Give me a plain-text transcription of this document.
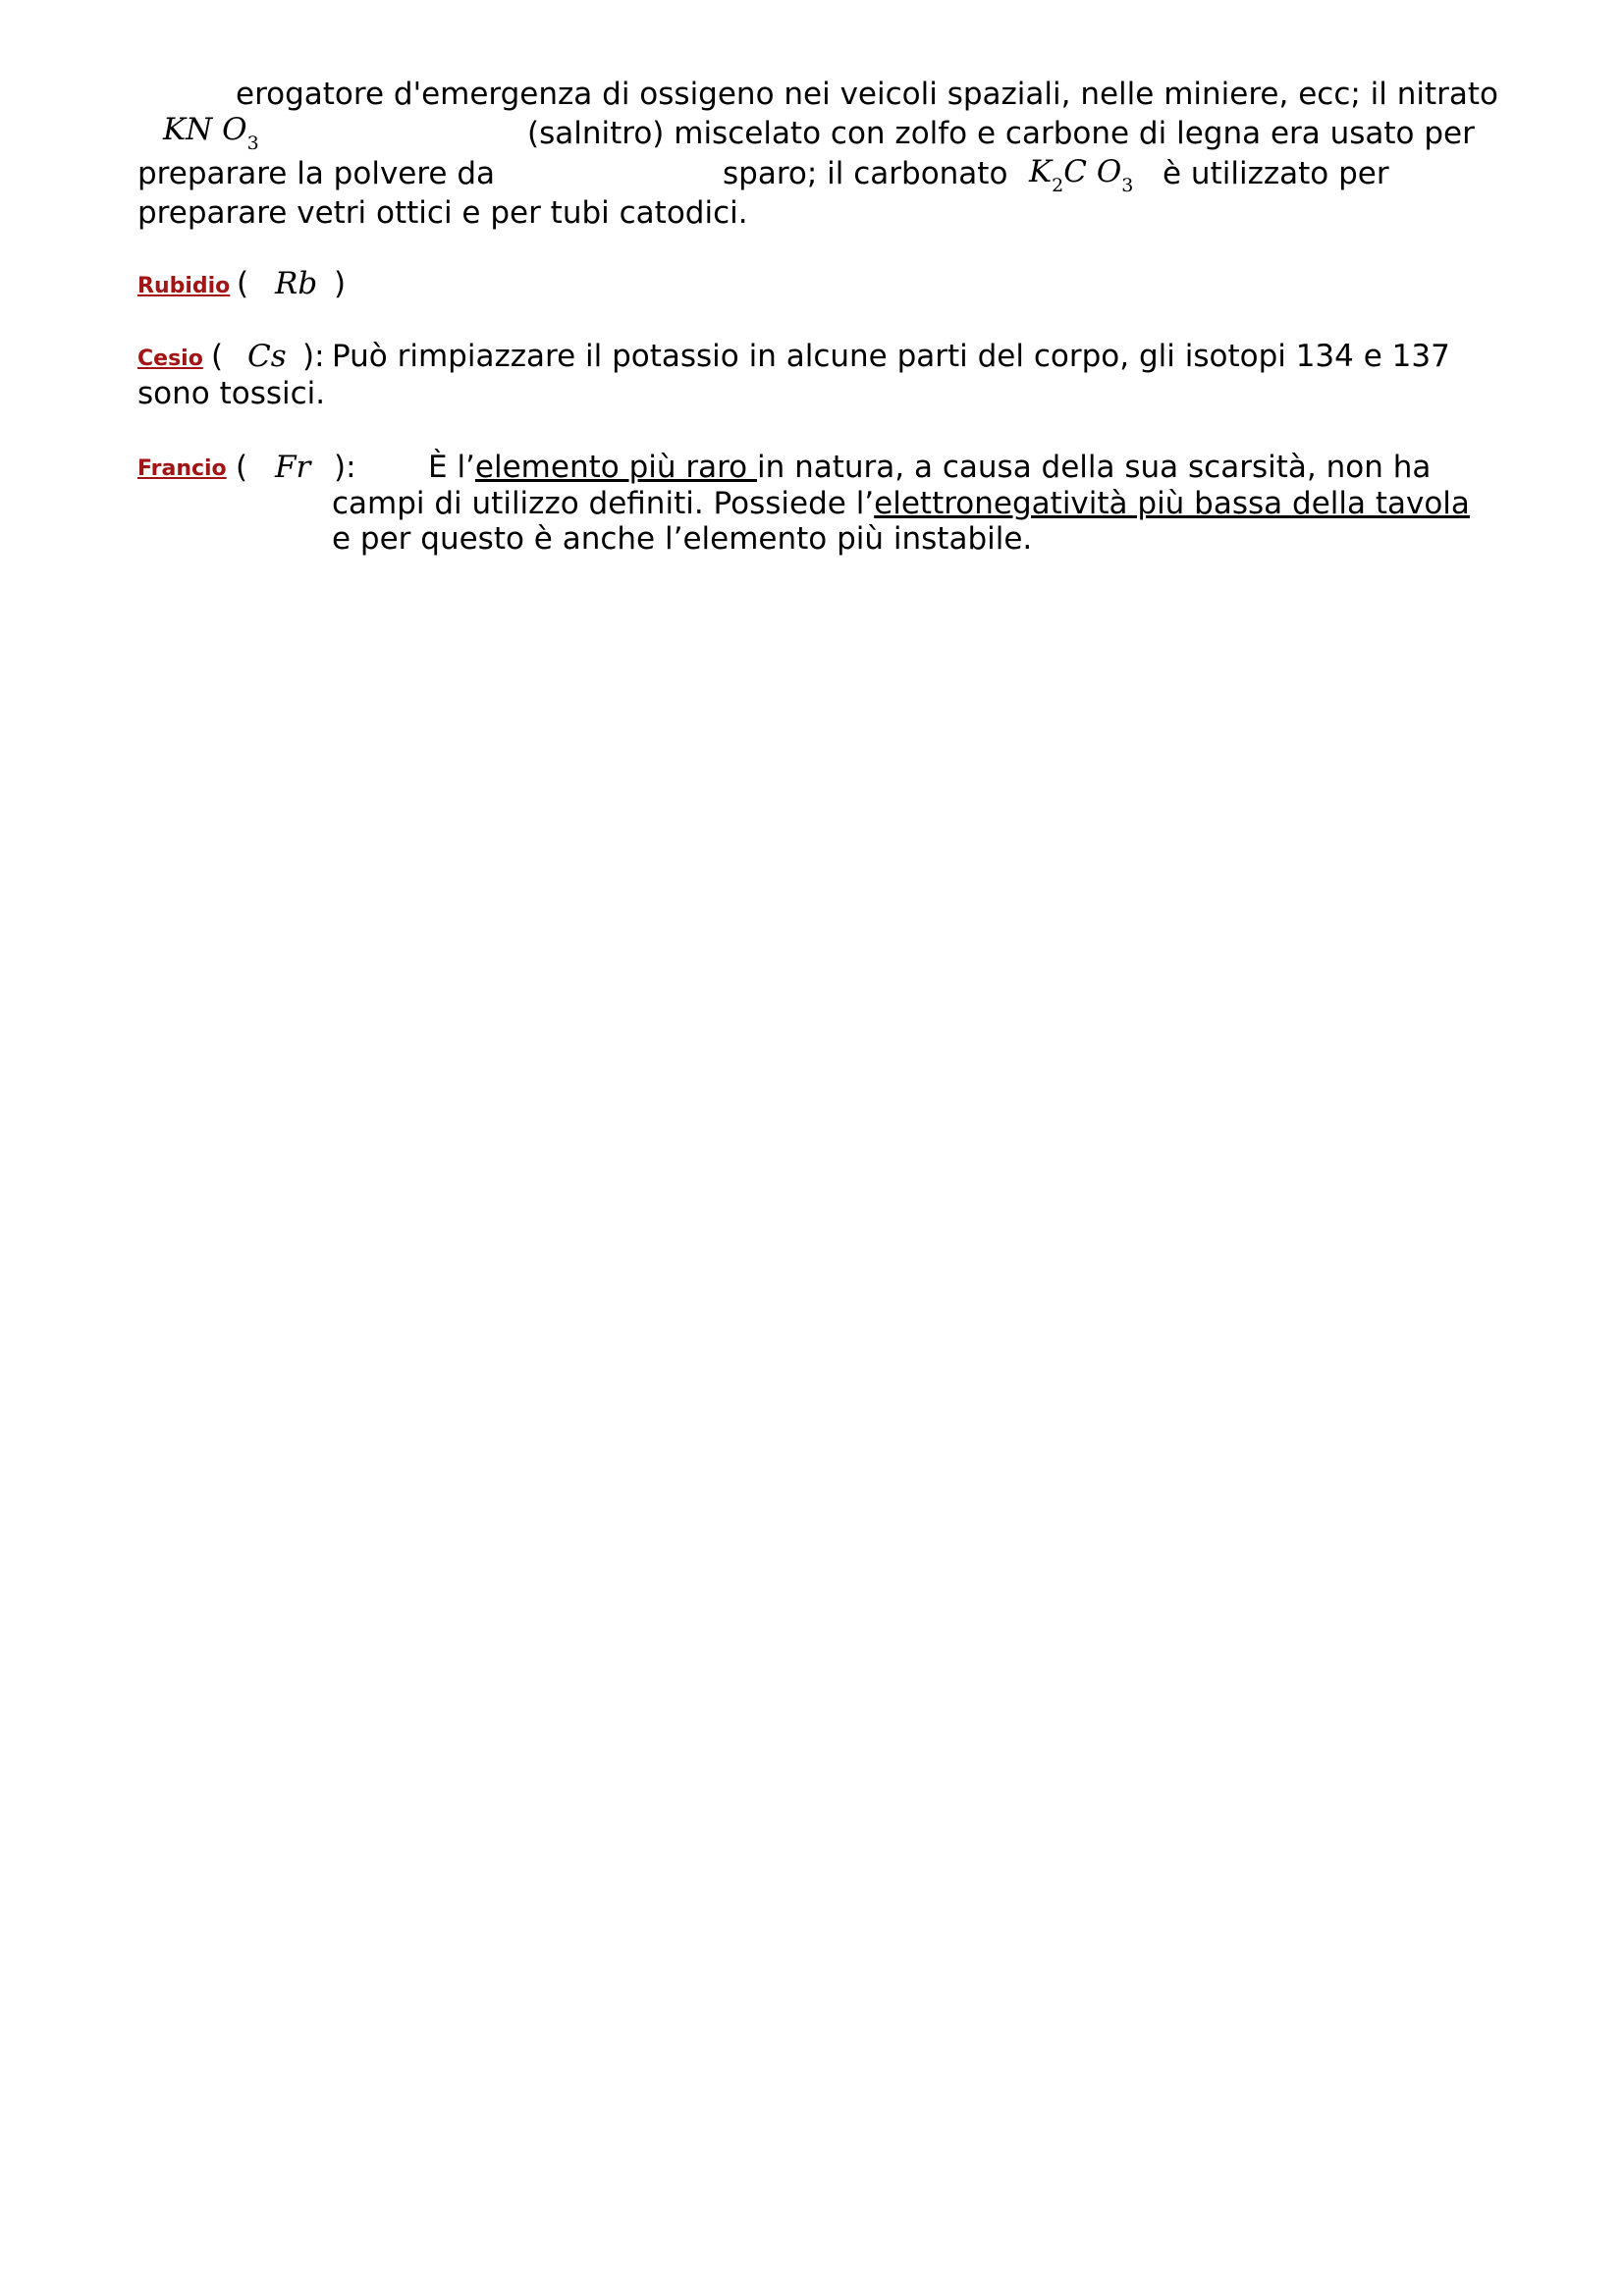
erogatore d'emergenza di ossigeno nei veicoli spaziali, nelle miniere, ecc; il nitrato
KN $O_3$	(salnitro) miscelato con zolfo e carbone di legna era usato per
preparare la polvere da	sparo; il carbonato $K_2C$ $O_3$ è utilizzato per
preparare vetri ottici e per tubi catodici.
Rubidio ( Rb )
Cesio ( Cs ): Può rimpiazzare il potassio in alcune parti del corpo, gli isotopi 134 e 137
sono tossici.
Francio ( Fr ): È l’elemento più raro in natura, a causa della sua scarsità, non ha
campi di utilizzo definiti. Possiede l’elettronegatività più bassa della tavola
e per questo è anche l’elemento più instabile.
